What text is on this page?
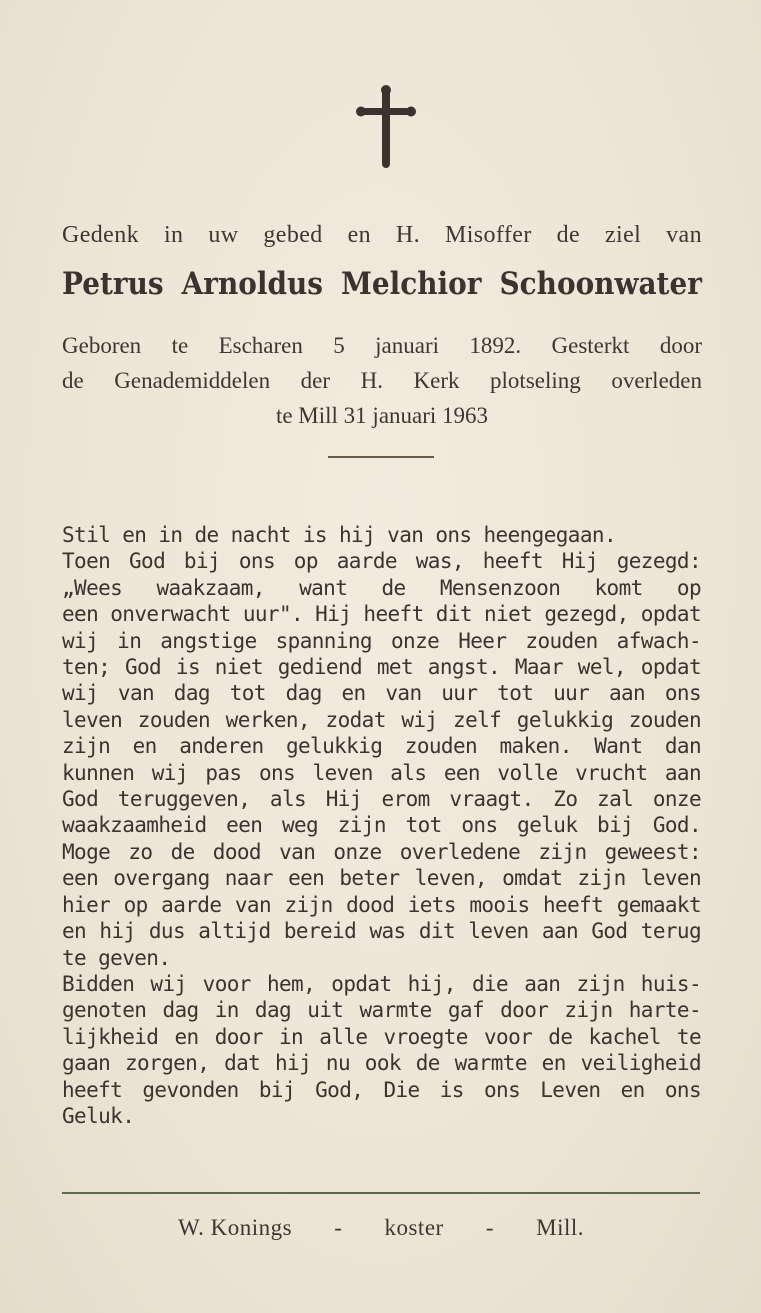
Gedenk in uw gebed en H. Misoffer de ziel van
Petrus Arnoldus Melchior Schoonwater
Geboren te Escharen 5 januari 1892. Gesterkt door
de Genademiddelen der H. Kerk plotseling overleden
te Mill 31 januari 1963
Stil en in de nacht is hij van ons heengegaan.
Toen God bij ons op aarde was, heeft Hij gezegd:
„Wees waakzaam, want de Mensenzoon komt op
een onverwacht uur". Hij heeft dit niet gezegd, opdat
wij in angstige spanning onze Heer zouden afwach-
ten; God is niet gediend met angst. Maar wel, opdat
wij van dag tot dag en van uur tot uur aan ons
leven zouden werken, zodat wij zelf gelukkig zouden
zijn en anderen gelukkig zouden maken. Want dan
kunnen wij pas ons leven als een volle vrucht aan
God teruggeven, als Hij erom vraagt. Zo zal onze
waakzaamheid een weg zijn tot ons geluk bij God.
Moge zo de dood van onze overledene zijn geweest:
een overgang naar een beter leven, omdat zijn leven
hier op aarde van zijn dood iets moois heeft gemaakt
en hij dus altijd bereid was dit leven aan God terug
te geven.
Bidden wij voor hem, opdat hij, die aan zijn huis-
genoten dag in dag uit warmte gaf door zijn harte-
lijkheid en door in alle vroegte voor de kachel te
gaan zorgen, dat hij nu ook de warmte en veiligheid
heeft gevonden bij God, Die is ons Leven en ons
Geluk.
W. Konings - koster - Mill.
